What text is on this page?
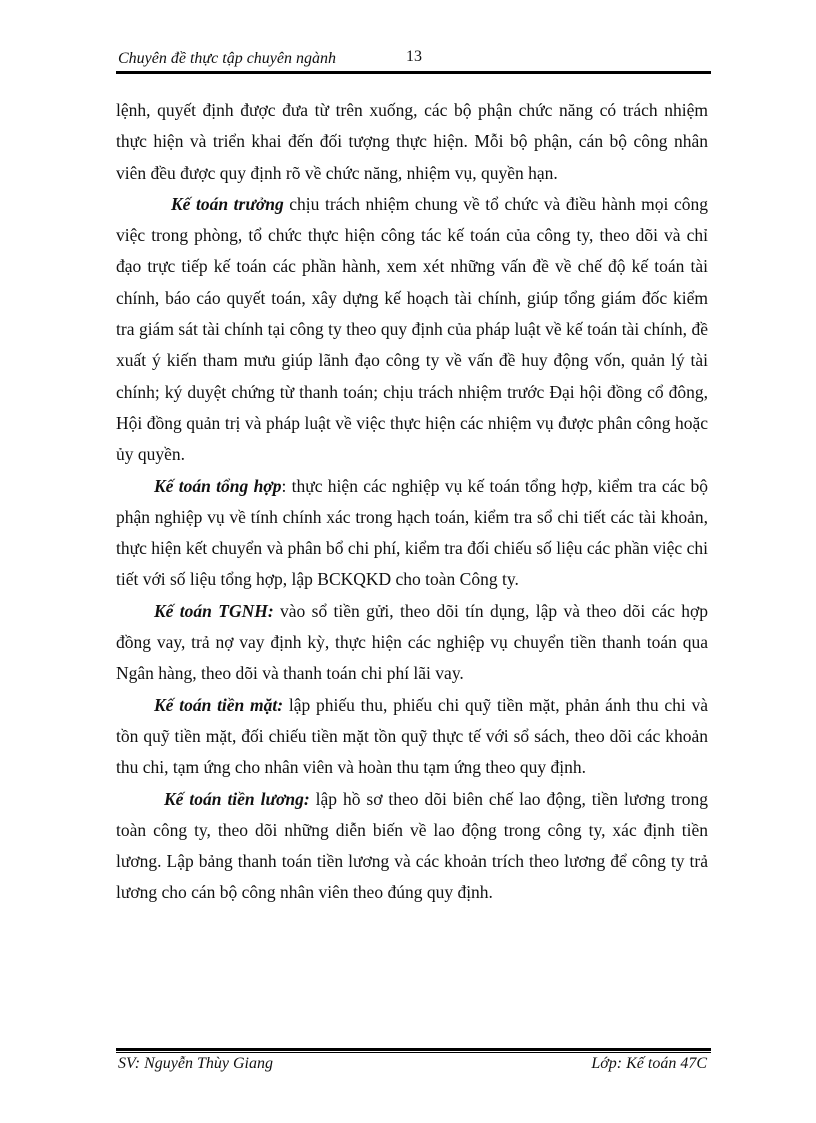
Chuyên đề thực tập chuyên ngành	13

lệnh, quyết định được đưa từ trên xuống, các bộ phận chức năng có trách nhiệm thực hiện và triển khai đến đối tượng thực hiện. Mỗi bộ phận, cán bộ công nhân viên đều được quy định rõ về chức năng, nhiệm vụ, quyền hạn.

Kế toán trưởng chịu trách nhiệm chung về tổ chức và điều hành mọi công việc trong phòng, tổ chức thực hiện công tác kế toán của công ty, theo dõi và chỉ đạo trực tiếp kế toán các phần hành, xem xét những vấn đề về chế độ kế toán tài chính, báo cáo quyết toán, xây dựng kế hoạch tài chính, giúp tổng giám đốc kiểm tra giám sát tài chính tại công ty theo quy định của pháp luật về kế toán tài chính, đề xuất ý kiến tham mưu giúp lãnh đạo công ty về vấn đề huy động vốn, quản lý tài chính; ký duyệt chứng từ thanh toán; chịu trách nhiệm trước Đại hội đồng cổ đông, Hội đồng quản trị và pháp luật về việc thực hiện các nhiệm vụ được phân công hoặc ủy quyền.

Kế toán tổng hợp: thực hiện các nghiệp vụ kế toán tổng hợp, kiểm tra các bộ phận nghiệp vụ về tính chính xác trong hạch toán, kiểm tra sổ chi tiết các tài khoản, thực hiện kết chuyển và phân bổ chi phí, kiểm tra đối chiếu số liệu các phần việc chi tiết với số liệu tổng hợp, lập BCKQKD cho toàn Công ty.

Kế toán TGNH: vào sổ tiền gửi, theo dõi tín dụng, lập và theo dõi các hợp đồng vay, trả nợ vay định kỳ, thực hiện các nghiệp vụ chuyển tiền thanh toán qua Ngân hàng, theo dõi và thanh toán chi phí lãi vay.

Kế toán tiền mặt: lập phiếu thu, phiếu chi quỹ tiền mặt, phản ánh thu chi và tồn quỹ tiền mặt, đối chiếu tiền mặt tồn quỹ thực tế với sổ sách, theo dõi các khoản thu chi, tạm ứng cho nhân viên và hoàn thu tạm ứng theo quy định.

Kế toán tiền lương: lập hồ sơ theo dõi biên chế lao động, tiền lương trong toàn công ty, theo dõi những diễn biến về lao động trong công ty, xác định tiền lương. Lập bảng thanh toán tiền lương và các khoản trích theo lương để công ty trả lương cho cán bộ công nhân viên theo đúng quy định.

SV: Nguyễn Thùy Giang	Lớp: Kế toán 47C
